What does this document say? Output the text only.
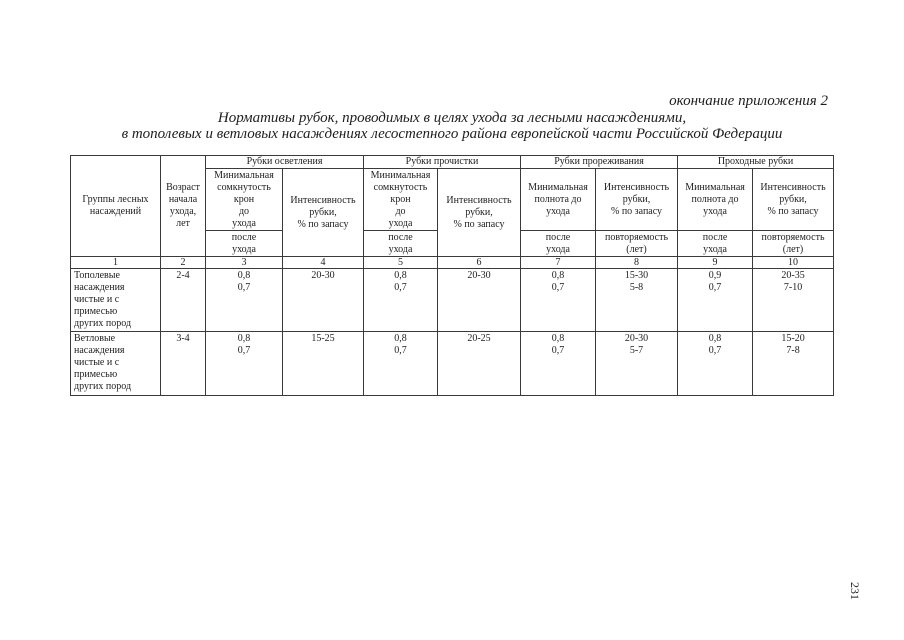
окончание приложения 2
Нормативы рубок, проводимых в целях ухода за лесными насаждениями,
в тополевых и ветловых насаждениях лесостепного района европейской части Российской Федерации
Группы лесных
насаждений	Возраст
начала
ухода,
лет	Рубки осветления		Рубки прочистки		Рубки прореживания		Проходные рубки	
		Минимальная
сомкнутость
крон
до
ухода	Интенсивность
рубки,
% по запасу	Минимальная
сомкнутость
крон
до
ухода	Интенсивность
рубки,
% по запасу	Минимальная
полнота до
ухода	Интенсивность
рубки,
% по запасу	Минимальная
полнота до
ухода	Интенсивность
рубки,
% по запасу
		после
ухода		после
ухода		после
ухода	повторяемость
(лет)	после
ухода	повторяемость
(лет)
1	2	3	4	5	6	7	8	9	10
Тополевые
насаждения
чистые и с
примесью
других пород	2-4	0,8
0,7	20-30	0,8
0,7	20-30	0,8
0,7	15-30
5-8	0,9
0,7	20-35
7-10
Ветловые
насаждения
чистые и с
примесью
других пород	3-4	0,8
0,7	15-25	0,8
0,7	20-25	0,8
0,7	20-30
5-7	0,8
0,7	15-20
7-8
231
